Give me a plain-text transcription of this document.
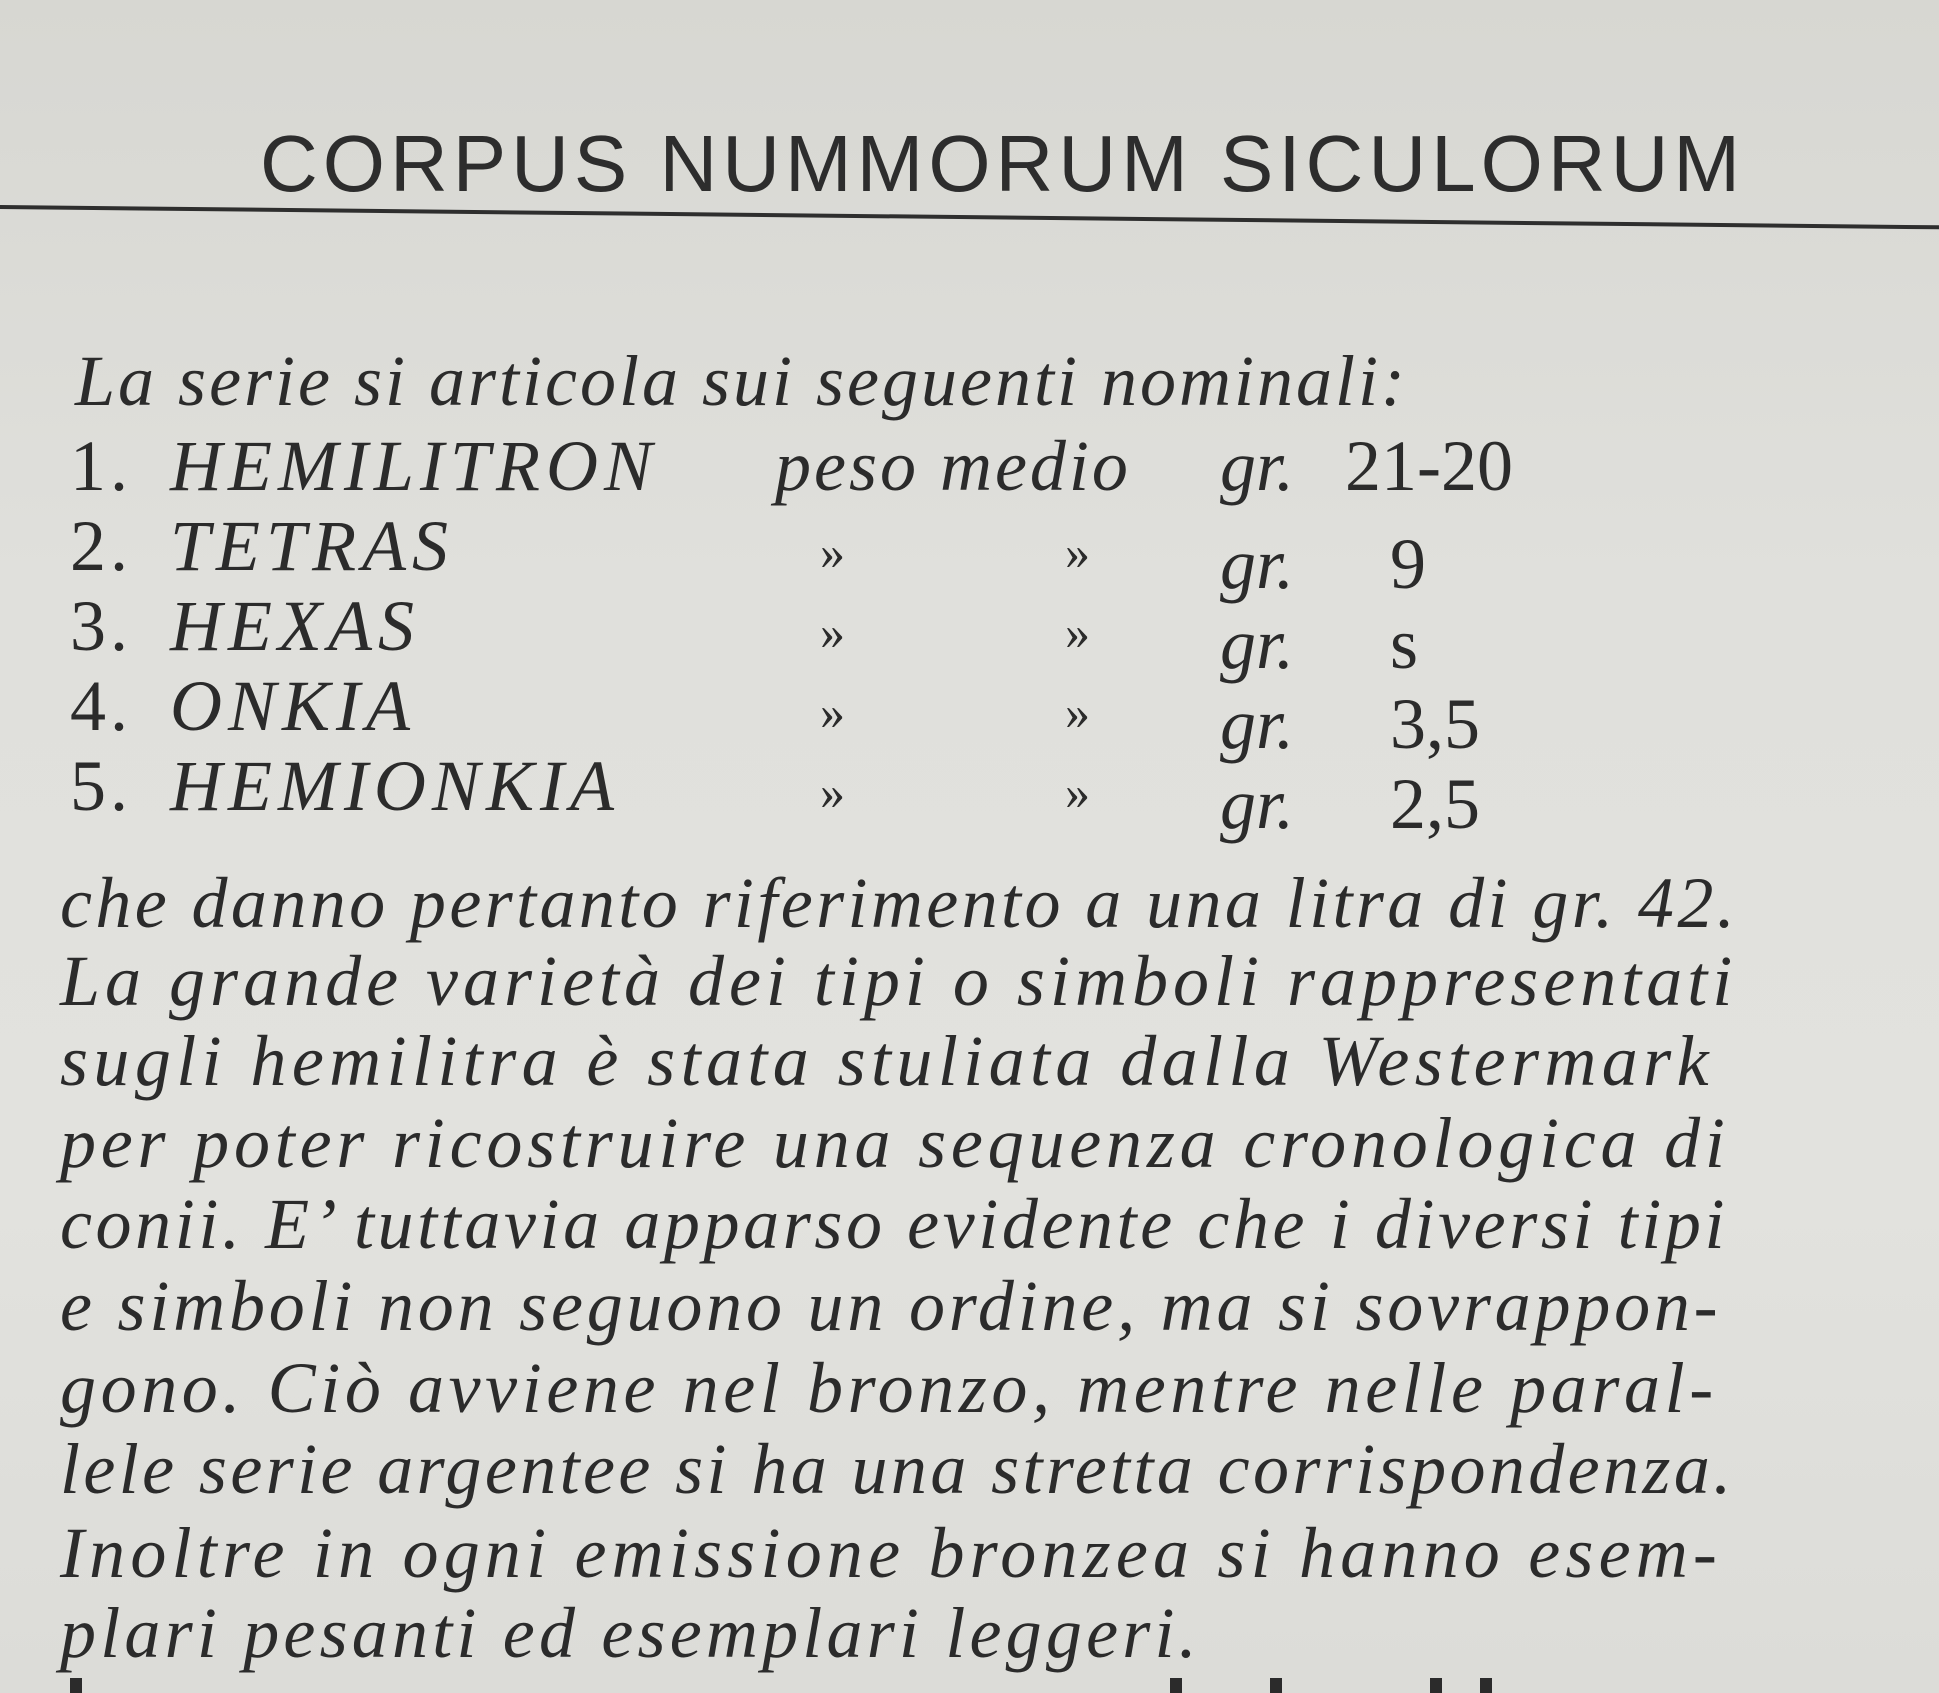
CORPUS NUMMORUM SICULORUM
La serie si articola sui seguenti nominali:
1. HEMILITRON peso medio gr. 21-20
2. TETRAS	»	» gr. 9
3. HEXAS	»	» gr. s
4. ONKIA	»	» gr. 3,5
5. HEMIONKIA	»	» gr. 2,5
che danno pertanto riferimento a una litra di gr. 42.
La grande varietà dei tipi o simboli rappresentati
sugli hemilitra è stata stuliata dalla Westermark
per poter ricostruire una sequenza cronologica di
conii. E’ tuttavia apparso evidente che i diversi tipi
e simboli non seguono un ordine, ma si sovrappon-
gono. Ciò avviene nel bronzo, mentre nelle paral-
lele serie argentee si ha una stretta corrispondenza.
Inoltre in ogni emissione bronzea si hanno esem-
plari pesanti ed esemplari leggeri.
